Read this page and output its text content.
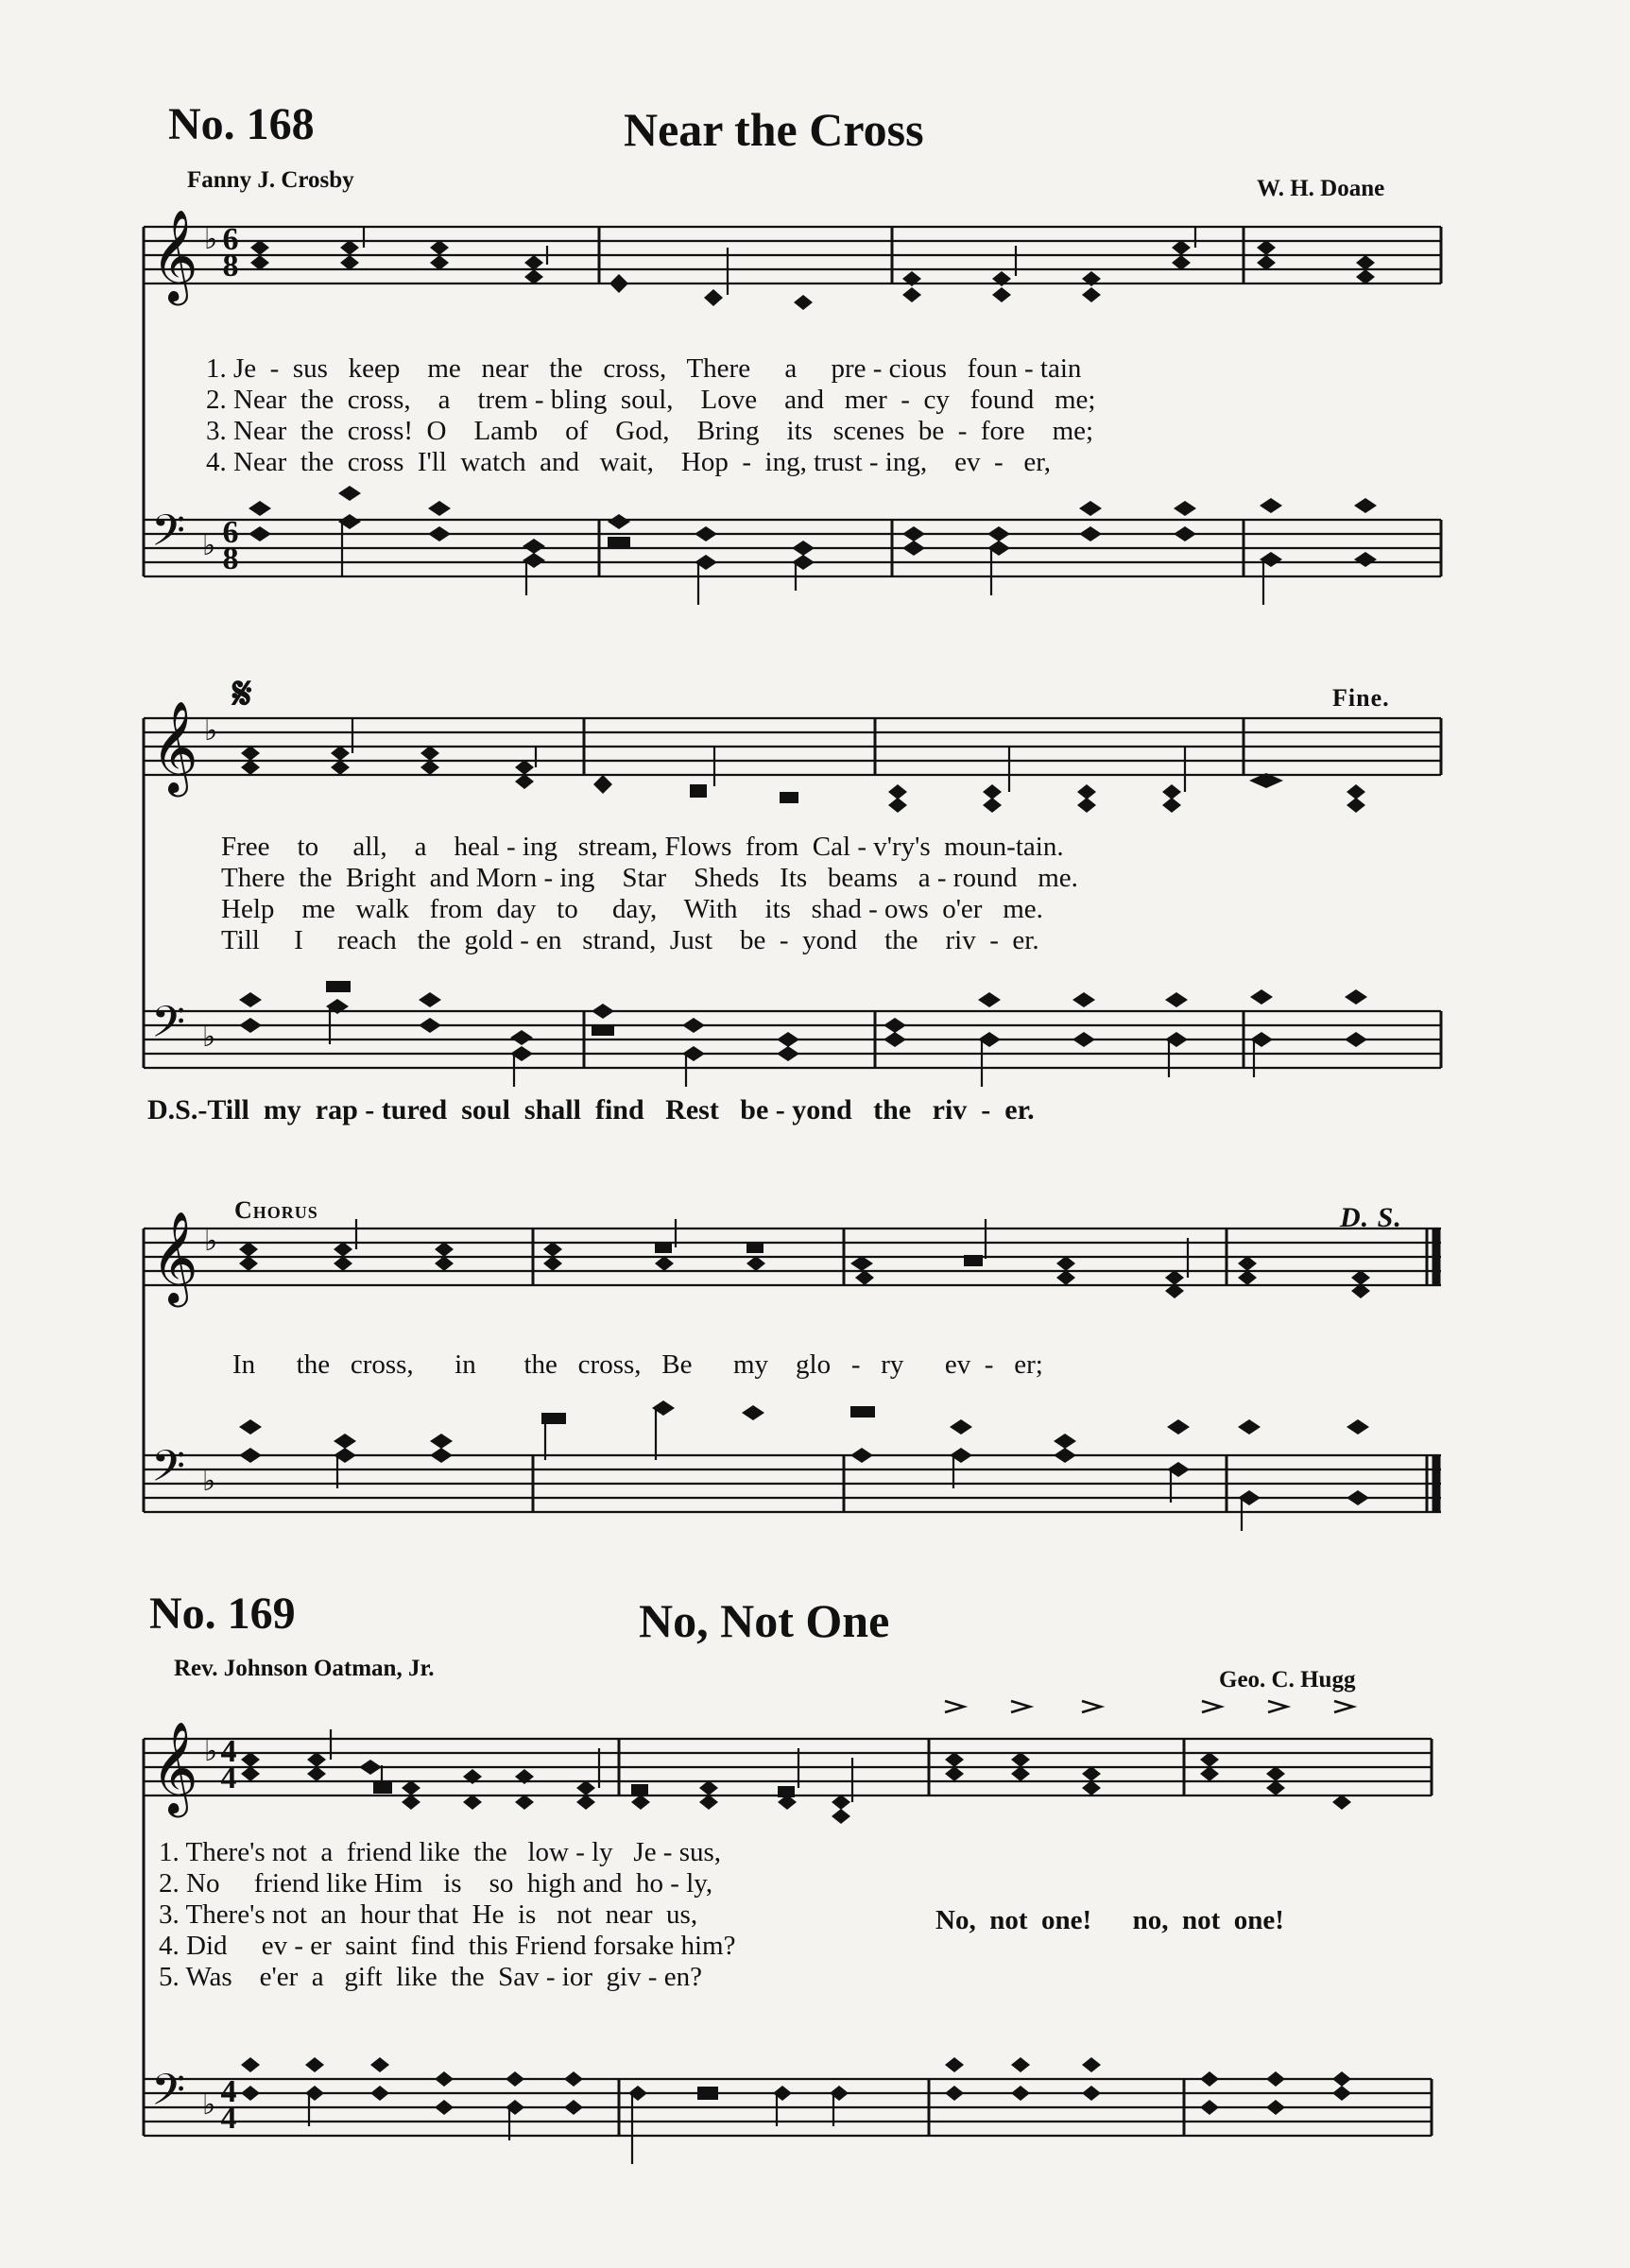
No. 168	Near the Cross
Fanny J. Crosby	W. H. Doane
𝄞 ♭ 6
8
𝄢 ♭ 6
8
1. Je  -  sus   keep    me   near   the   cross,   There     a     pre - cious   foun - tain
2. Near  the  cross,    a    trem - bling  soul,    Love    and   mer  -  cy   found   me;
3. Near  the  cross!  O    Lamb    of    God,    Bring    its   scenes  be  -  fore    me;
4. Near  the  cross  I'll  watch  and   wait,    Hop  -  ing, trust - ing,    ev  -   er,
𝄋	Fine.
𝄞 ♭
𝄢 ♭
Free    to     all,    a    heal - ing   stream, Flows  from  Cal - v'ry's  moun-tain.
There  the  Bright  and Morn - ing    Star    Sheds   Its   beams   a - round   me.
Help    me   walk   from  day   to     day,    With    its   shad - ows  o'er   me.
Till     I     reach   the  gold - en   strand,  Just    be  -  yond    the    riv  -  er.
D.S.-Till  my  rap - tured  soul  shall  find   Rest   be - yond   the   riv  -  er.
Chorus	D. S.
𝄞 ♭
𝄢 ♭
In      the   cross,      in       the   cross,   Be      my    glo   -   ry      ev  -   er;
No. 169	No, Not One
Rev. Johnson Oatman, Jr.	Geo. C. Hugg
𝄞 ♭ 4
4
𝄢 ♭ 4
4
1. There's not  a  friend like  the   low - ly   Je - sus,
2. No     friend like Him   is    so  high and  ho - ly,
3. There's not  an  hour that  He  is   not  near  us,
4. Did     ev - er  saint  find  this Friend forsake him?
5. Was    e'er  a   gift  like  the  Sav - ior  giv - en?
No,  not  one!      no,  not  one!
